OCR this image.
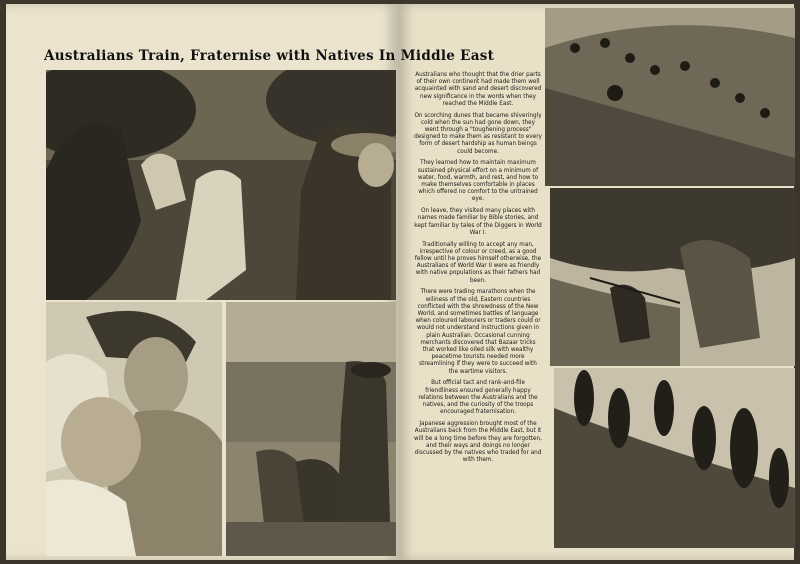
Australians Train, Fraternise with Natives In Middle East

Australians who thought that the drier parts of their own continent had made them well acquainted with sand and desert discovered new significance in the words when they reached the Middle East.

On scorching dunes that became shiveringly cold when the sun had gone down, they went through a "toughening process" designed to make them as resistant to every form of desert hardship as human beings could become.

They learned how to maintain maximum sustained physical effort on a minimum of water, food, warmth, and rest, and how to make themselves comfortable in places which offered no comfort to the untrained eye.

On leave, they visited many places with names made familiar by Bible stories, and kept familiar by tales of the Diggers in World War I.

Traditionally willing to accept any man, irrespective of colour or creed, as a good fellow until he proves himself otherwise, the Australians of World War II were as friendly with native populations as their fathers had been.

There were trading marathons when the wiliness of the old, Eastern countries conflicted with the shrewdness of the New World, and sometimes battles of language when coloured labourers or traders could or would not understand instructions given in plain Australian. Occasional cunning merchants discovered that Bazaar tricks that worked like oiled silk with wealthy peacetime tourists needed more streamlining if they were to succeed with the wartime visitors.

But official tact and rank-and-file friendliness ensured generally happy relations between the Australians and the natives, and the curiosity of the troops encouraged fraternisation.

Japanese aggression brought most of the Australians back from the Middle East, but it will be a long time before they are forgotten, and their ways and doings no longer discussed by the natives who traded for and with them.
